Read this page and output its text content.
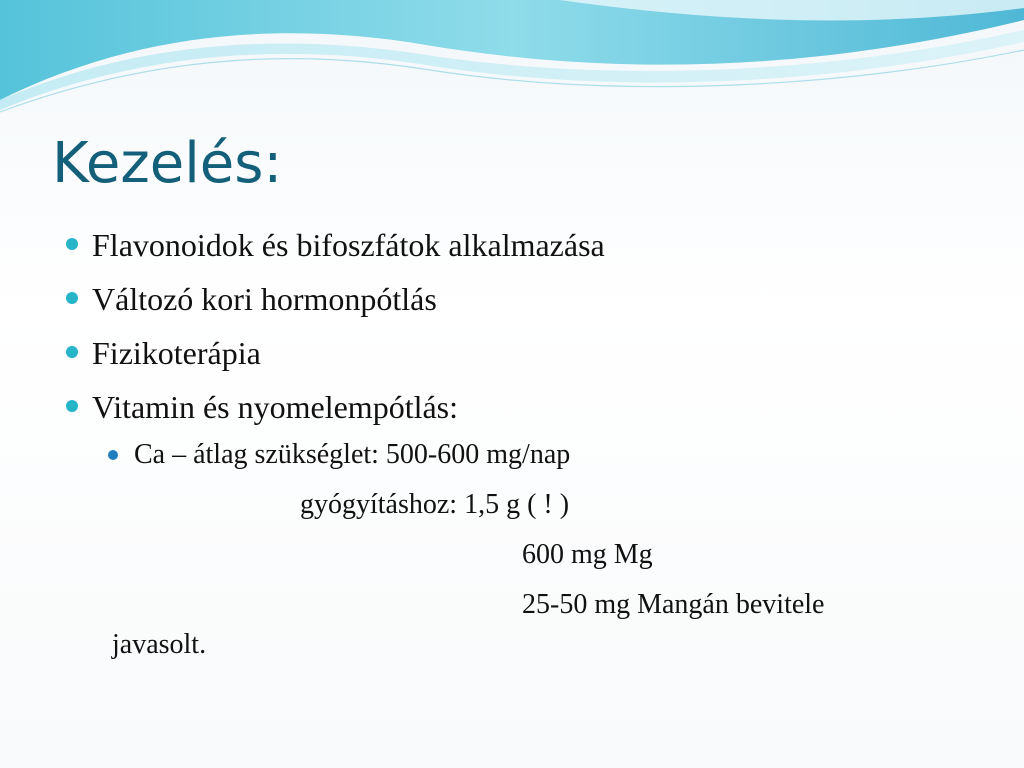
Kezelés:
Flavonoidok és bifoszfátok alkalmazása
Változó kori hormonpótlás
Fizikoterápia
Vitamin és nyomelempótlás:
Ca – átlag szükséglet: 500-600 mg/nap
gyógyításhoz: 1,5 g ( ! )
600 mg Mg
25-50 mg Mangán bevitele
javasolt.
